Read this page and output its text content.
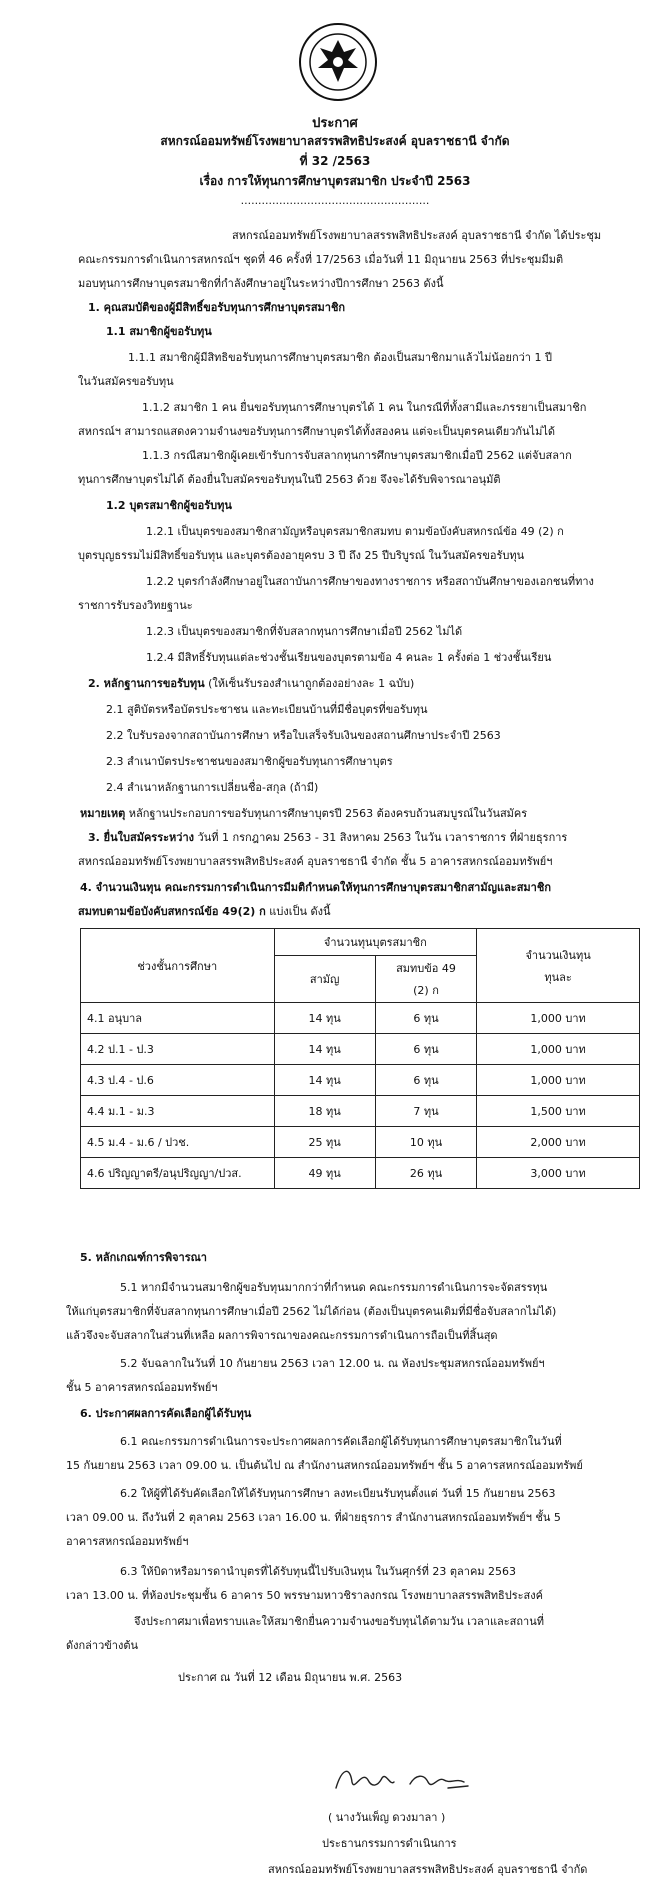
ประกาศ
สหกรณ์ออมทรัพย์โรงพยาบาลสรรพสิทธิประสงค์ อุบลราชธานี จำกัด
ที่ 32 /2563
เรื่อง การให้ทุนการศึกษาบุตรสมาชิก ประจำปี 2563
......................................................
สหกรณ์ออมทรัพย์โรงพยาบาลสรรพสิทธิประสงค์ อุบลราชธานี จำกัด ได้ประชุม
คณะกรรมการดำเนินการสหกรณ์ฯ ชุดที่ 46 ครั้งที่ 17/2563 เมื่อวันที่ 11 มิถุนายน 2563 ที่ประชุมมีมติ
มอบทุนการศึกษาบุตรสมาชิกที่กำลังศึกษาอยู่ในระหว่างปีการศึกษา 2563 ดังนี้
1. คุณสมบัติของผู้มีสิทธิ์ขอรับทุนการศึกษาบุตรสมาชิก
1.1 สมาชิกผู้ขอรับทุน
1.1.1 สมาชิกผู้มีสิทธิขอรับทุนการศึกษาบุตรสมาชิก ต้องเป็นสมาชิกมาแล้วไม่น้อยกว่า 1 ปี
ในวันสมัครขอรับทุน
1.1.2 สมาชิก 1 คน ยื่นขอรับทุนการศึกษาบุตรได้ 1 คน ในกรณีที่ทั้งสามีและภรรยาเป็นสมาชิก
สหกรณ์ฯ สามารถแสดงความจำนงขอรับทุนการศึกษาบุตรได้ทั้งสองคน แต่จะเป็นบุตรคนเดียวกันไม่ได้
1.1.3 กรณีสมาชิกผู้เคยเข้ารับการจับสลากทุนการศึกษาบุตรสมาชิกเมื่อปี 2562 แต่จับสลาก
ทุนการศึกษาบุตรไม่ได้ ต้องยื่นใบสมัครขอรับทุนในปี 2563 ด้วย จึงจะได้รับพิจารณาอนุมัติ
1.2 บุตรสมาชิกผู้ขอรับทุน
1.2.1 เป็นบุตรของสมาชิกสามัญหรือบุตรสมาชิกสมทบ ตามข้อบังคับสหกรณ์ข้อ 49 (2) ก
บุตรบุญธรรมไม่มีสิทธิ์ขอรับทุน และบุตรต้องอายุครบ 3 ปี ถึง 25 ปีบริบูรณ์ ในวันสมัครขอรับทุน
1.2.2 บุตรกำลังศึกษาอยู่ในสถาบันการศึกษาของทางราชการ หรือสถาบันศึกษาของเอกชนที่ทาง
ราชการรับรองวิทยฐานะ
1.2.3 เป็นบุตรของสมาชิกที่จับสลากทุนการศึกษาเมื่อปี 2562 ไม่ได้
1.2.4 มีสิทธิ์รับทุนแต่ละช่วงชั้นเรียนของบุตรตามข้อ 4 คนละ 1 ครั้งต่อ 1 ช่วงชั้นเรียน
2. หลักฐานการขอรับทุน (ให้เซ็นรับรองสำเนาถูกต้องอย่างละ 1 ฉบับ)
2.1 สูติบัตรหรือบัตรประชาชน และทะเบียนบ้านที่มีชื่อบุตรที่ขอรับทุน
2.2 ใบรับรองจากสถาบันการศึกษา หรือใบเสร็จรับเงินของสถานศึกษาประจำปี 2563
2.3 สำเนาบัตรประชาชนของสมาชิกผู้ขอรับทุนการศึกษาบุตร
2.4 สำเนาหลักฐานการเปลี่ยนชื่อ-สกุล (ถ้ามี)
หมายเหตุ หลักฐานประกอบการขอรับทุนการศึกษาบุตรปี 2563 ต้องครบถ้วนสมบูรณ์ในวันสมัคร
3. ยื่นใบสมัครระหว่าง วันที่ 1 กรกฎาคม 2563 - 31 สิงหาคม 2563 ในวัน เวลาราชการ ที่ฝ่ายธุรการ
สหกรณ์ออมทรัพย์โรงพยาบาลสรรพสิทธิประสงค์ อุบลราชธานี จำกัด ชั้น 5 อาคารสหกรณ์ออมทรัพย์ฯ
4. จำนวนเงินทุน คณะกรรมการดำเนินการมีมติกำหนดให้ทุนการศึกษาบุตรสมาชิกสามัญและสมาชิก
สมทบตามข้อบังคับสหกรณ์ข้อ 49(2) ก แบ่งเป็น ดังนี้
ช่วงชั้นการศึกษา	จำนวนทุนบุตรสมาชิก		จำนวนเงินทุน
ทุนละ

	สามัญ	สมทบข้อ 49
(2) ก	

4.1 อนุบาล	14 ทุน	6 ทุน	1,000 บาท
4.2 ป.1 - ป.3	14 ทุน	6 ทุน	1,000 บาท
4.3 ป.4 - ป.6	14 ทุน	6 ทุน	1,000 บาท
4.4 ม.1 - ม.3	18 ทุน	7 ทุน	1,500 บาท
4.5 ม.4 - ม.6 / ปวช.	25 ทุน	10 ทุน	2,000 บาท
4.6 ปริญญาตรี/อนุปริญญา/ปวส.	49 ทุน	26 ทุน	3,000 บาท
5. หลักเกณฑ์การพิจารณา
5.1 หากมีจำนวนสมาชิกผู้ขอรับทุนมากกว่าที่กำหนด คณะกรรมการดำเนินการจะจัดสรรทุน
ให้แก่บุตรสมาชิกที่จับสลากทุนการศึกษาเมื่อปี 2562 ไม่ได้ก่อน (ต้องเป็นบุตรคนเดิมที่มีชื่อจับสลากไม่ได้)
แล้วจึงจะจับสลากในส่วนที่เหลือ ผลการพิจารณาของคณะกรรมการดำเนินการถือเป็นที่สิ้นสุด
5.2 จับฉลากในวันที่ 10 กันยายน 2563 เวลา 12.00 น. ณ ห้องประชุมสหกรณ์ออมทรัพย์ฯ
ชั้น 5 อาคารสหกรณ์ออมทรัพย์ฯ
6. ประกาศผลการคัดเลือกผู้ได้รับทุน
6.1 คณะกรรมการดำเนินการจะประกาศผลการคัดเลือกผู้ได้รับทุนการศึกษาบุตรสมาชิกในวันที่
15 กันยายน 2563 เวลา 09.00 น. เป็นต้นไป ณ สำนักงานสหกรณ์ออมทรัพย์ฯ ชั้น 5 อาคารสหกรณ์ออมทรัพย์
6.2 ให้ผู้ที่ได้รับคัดเลือกให้ได้รับทุนการศึกษา ลงทะเบียนรับทุนตั้งแต่ วันที่ 15 กันยายน 2563
เวลา 09.00 น. ถึงวันที่ 2 ตุลาคม 2563 เวลา 16.00 น. ที่ฝ่ายธุรการ สำนักงานสหกรณ์ออมทรัพย์ฯ ชั้น 5
อาคารสหกรณ์ออมทรัพย์ฯ
6.3 ให้บิดาหรือมารดานำบุตรที่ได้รับทุนนี้ไปรับเงินทุน ในวันศุกร์ที่ 23 ตุลาคม 2563
เวลา 13.00 น. ที่ห้องประชุมชั้น 6 อาคาร 50 พรรษามหาวชิราลงกรณ โรงพยาบาลสรรพสิทธิประสงค์
จึงประกาศมาเพื่อทราบและให้สมาชิกยื่นความจำนงขอรับทุนได้ตามวัน เวลาและสถานที่
ดังกล่าวข้างต้น
ประกาศ ณ วันที่ 12 เดือน มิถุนายน พ.ศ. 2563
( นางวันเพ็ญ ดวงมาลา )
ประธานกรรมการดำเนินการ
สหกรณ์ออมทรัพย์โรงพยาบาลสรรพสิทธิประสงค์ อุบลราชธานี จำกัด
